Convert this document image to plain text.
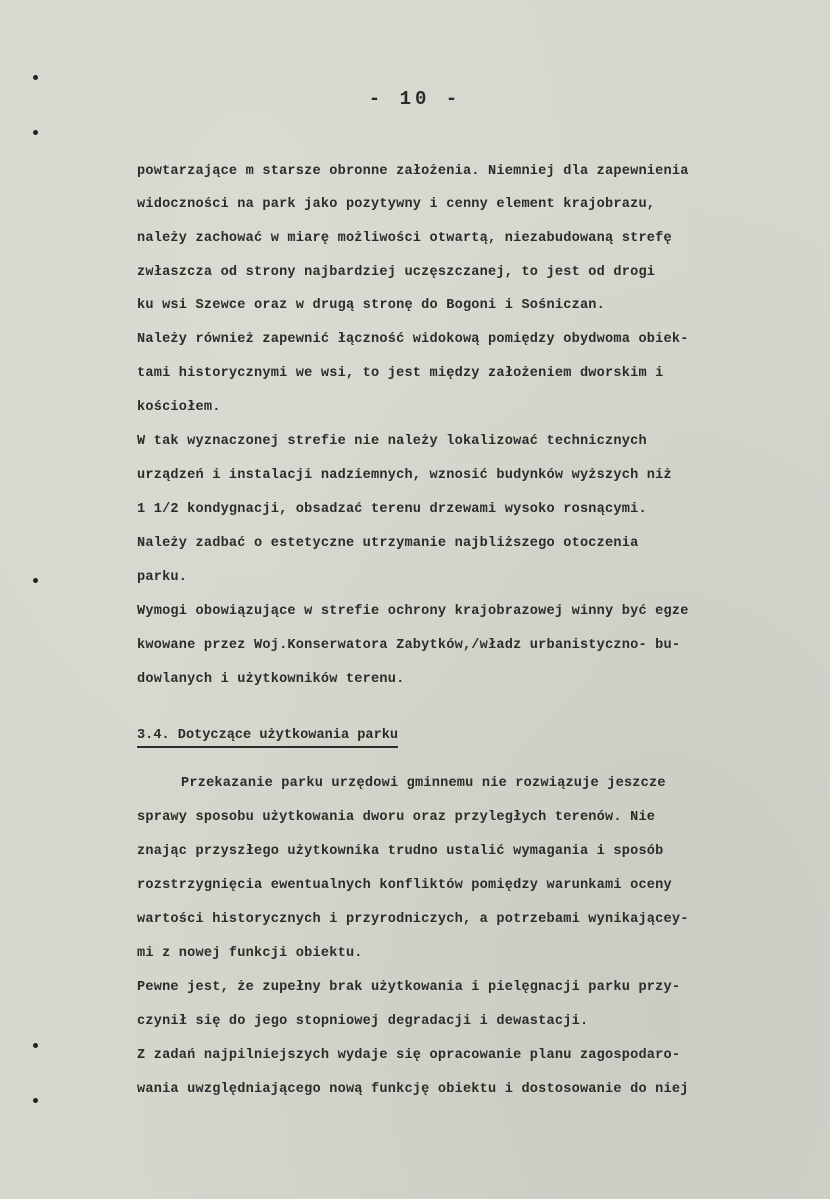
- 10 -
powtarzające m starsze obronne założenia. Niemniej dla zapewnienia
widoczności na park jako pozytywny i cenny element krajobrazu,
należy zachować w miarę możliwości otwartą, niezabudowaną strefę
zwłaszcza od strony najbardziej uczęszczanej, to jest od drogi
ku wsi Szewce oraz w drugą stronę do Bogoni i Sośniczan.
Należy również zapewnić łączność widokową pomiędzy obydwoma obiek-
tami historycznymi we wsi, to jest między założeniem dworskim i
kościołem.
W tak wyznaczonej strefie nie należy lokalizować technicznych
urządzeń i instalacji nadziemnych, wznosić budynków wyższych niż
1 1/2 kondygnacji, obsadzać terenu drzewami wysoko rosnącymi.
Należy zadbać o estetyczne utrzymanie najbliższego otoczenia
parku.
Wymogi obowiązujące w strefie ochrony krajobrazowej winny być egze
kwowane przez Woj.Konserwatora Zabytków,/władz urbanistyczno- bu-
dowlanych i użytkowników terenu.
3.4. Dotyczące użytkowania parku
Przekazanie parku urzędowi gminnemu nie rozwiązuje jeszcze
sprawy sposobu użytkowania dworu oraz przyległych terenów. Nie
znając przyszłego użytkownika trudno ustalić wymagania i sposób
rozstrzygnięcia ewentualnych konfliktów pomiędzy warunkami oceny
wartości historycznych i przyrodniczych, a potrzebami wynikającey-
mi z nowej funkcji obiektu.
Pewne jest, że zupełny brak użytkowania i pielęgnacji parku przy-
czynił się do jego stopniowej degradacji i dewastacji.
Z zadań najpilniejszych wydaje się opracowanie planu zagospodaro-
wania uwzględniającego nową funkcję obiektu i dostosowanie do niej
